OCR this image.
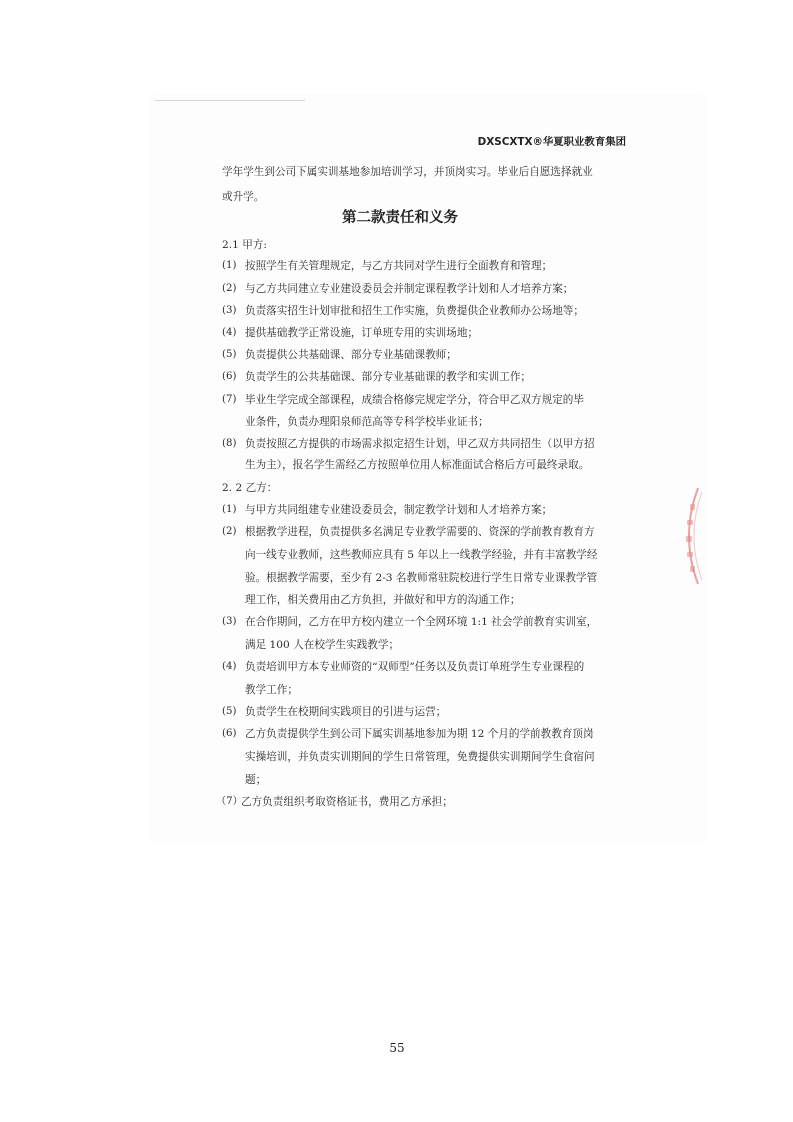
DXSCXTX®华夏职业教育集团
学年学生到公司下属实训基地参加培训学习，并顶岗实习。毕业后自愿选择就业
或升学。
第二款责任和义务
2.1 甲方:
(1) 按照学生有关管理规定，与乙方共同对学生进行全面教育和管理；
(2) 与乙方共同建立专业建设委员会并制定课程教学计划和人才培养方案；
(3) 负责落实招生计划审批和招生工作实施，负费提供企业教师办公场地等；
(4) 提供基础教学正常设施，订单班专用的实训场地；
(5) 负责提供公共基础课、部分专业基础课教师；
(6) 负责学生的公共基础课、部分专业基础课的教学和实训工作；
(7) 毕业生学完成全部课程，成绩合格修完规定学分，符合甲乙双方规定的毕
业条件，负责办理阳泉师范高等专科学校毕业证书；
(8) 负责按照乙方提供的市场需求拟定招生计划，甲乙双方共同招生（以甲方招
生为主），报名学生需经乙方按照单位用人标准面试合格后方可最终录取。
2. 2 乙方：
(1) 与甲方共同组建专业建设委员会，制定教学计划和人才培养方案；
(2) 根据教学进程，负责提供多名满足专业教学需要的、资深的学前教育教育方
向一线专业教师，这些教师应具有 5 年以上一线教学经验，并有丰富教学经
验。根据教学需要，至少有 2-3 名教师常驻院校进行学生日常专业课教学管
理工作，相关费用由乙方负担，并做好和甲方的沟通工作；
(3) 在合作期间，乙方在甲方校内建立一个全网环境 1:1 社会学前教育实训室，
满足 100 人在校学生实践教学；
(4) 负责培训甲方本专业师资的“双师型”任务以及负责订单班学生专业课程的
教学工作；
(5) 负责学生在校期间实践项目的引进与运营；
(6) 乙方负责提供学生到公司下属实训基地参加为期 12 个月的学前教教育顶岗
实操培训，并负责实训期间的学生日常管理，免费提供实训期间学生食宿问
题；
（7）
乙方负责组织考取资格证书，费用乙方承担；
55
